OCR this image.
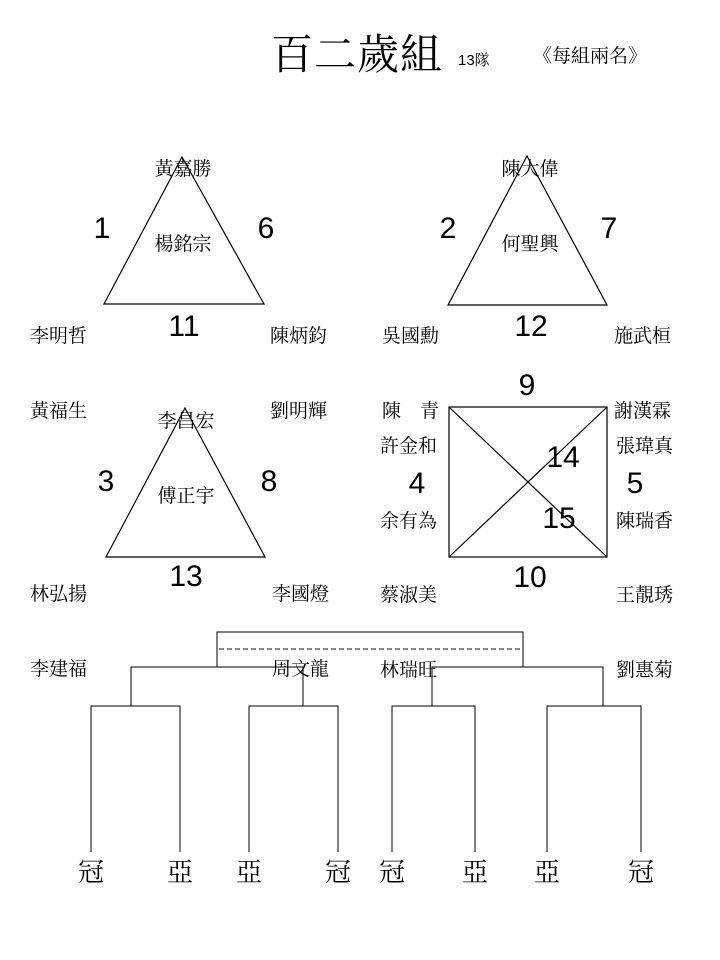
百二歲組 13隊 《每組兩名》

黃嘉勝

楊銘宗

李明哲

黃福生

陳炳鈞

劉明輝

1	6
11

陳大偉

何聖興

吳國勳

陳　青

施武桓

謝漢霖

2	7
12

李昌宏

傅正宇

林弘揚

李建福

李國燈

周文龍

3	8
13

許金和

余有為

張瑋真

陳瑞香

蔡淑美

林瑞旺

王靚琇

劉惠菊

9
4	5
10
14
15
冠	亞	亞	冠	冠	亞	亞	冠
